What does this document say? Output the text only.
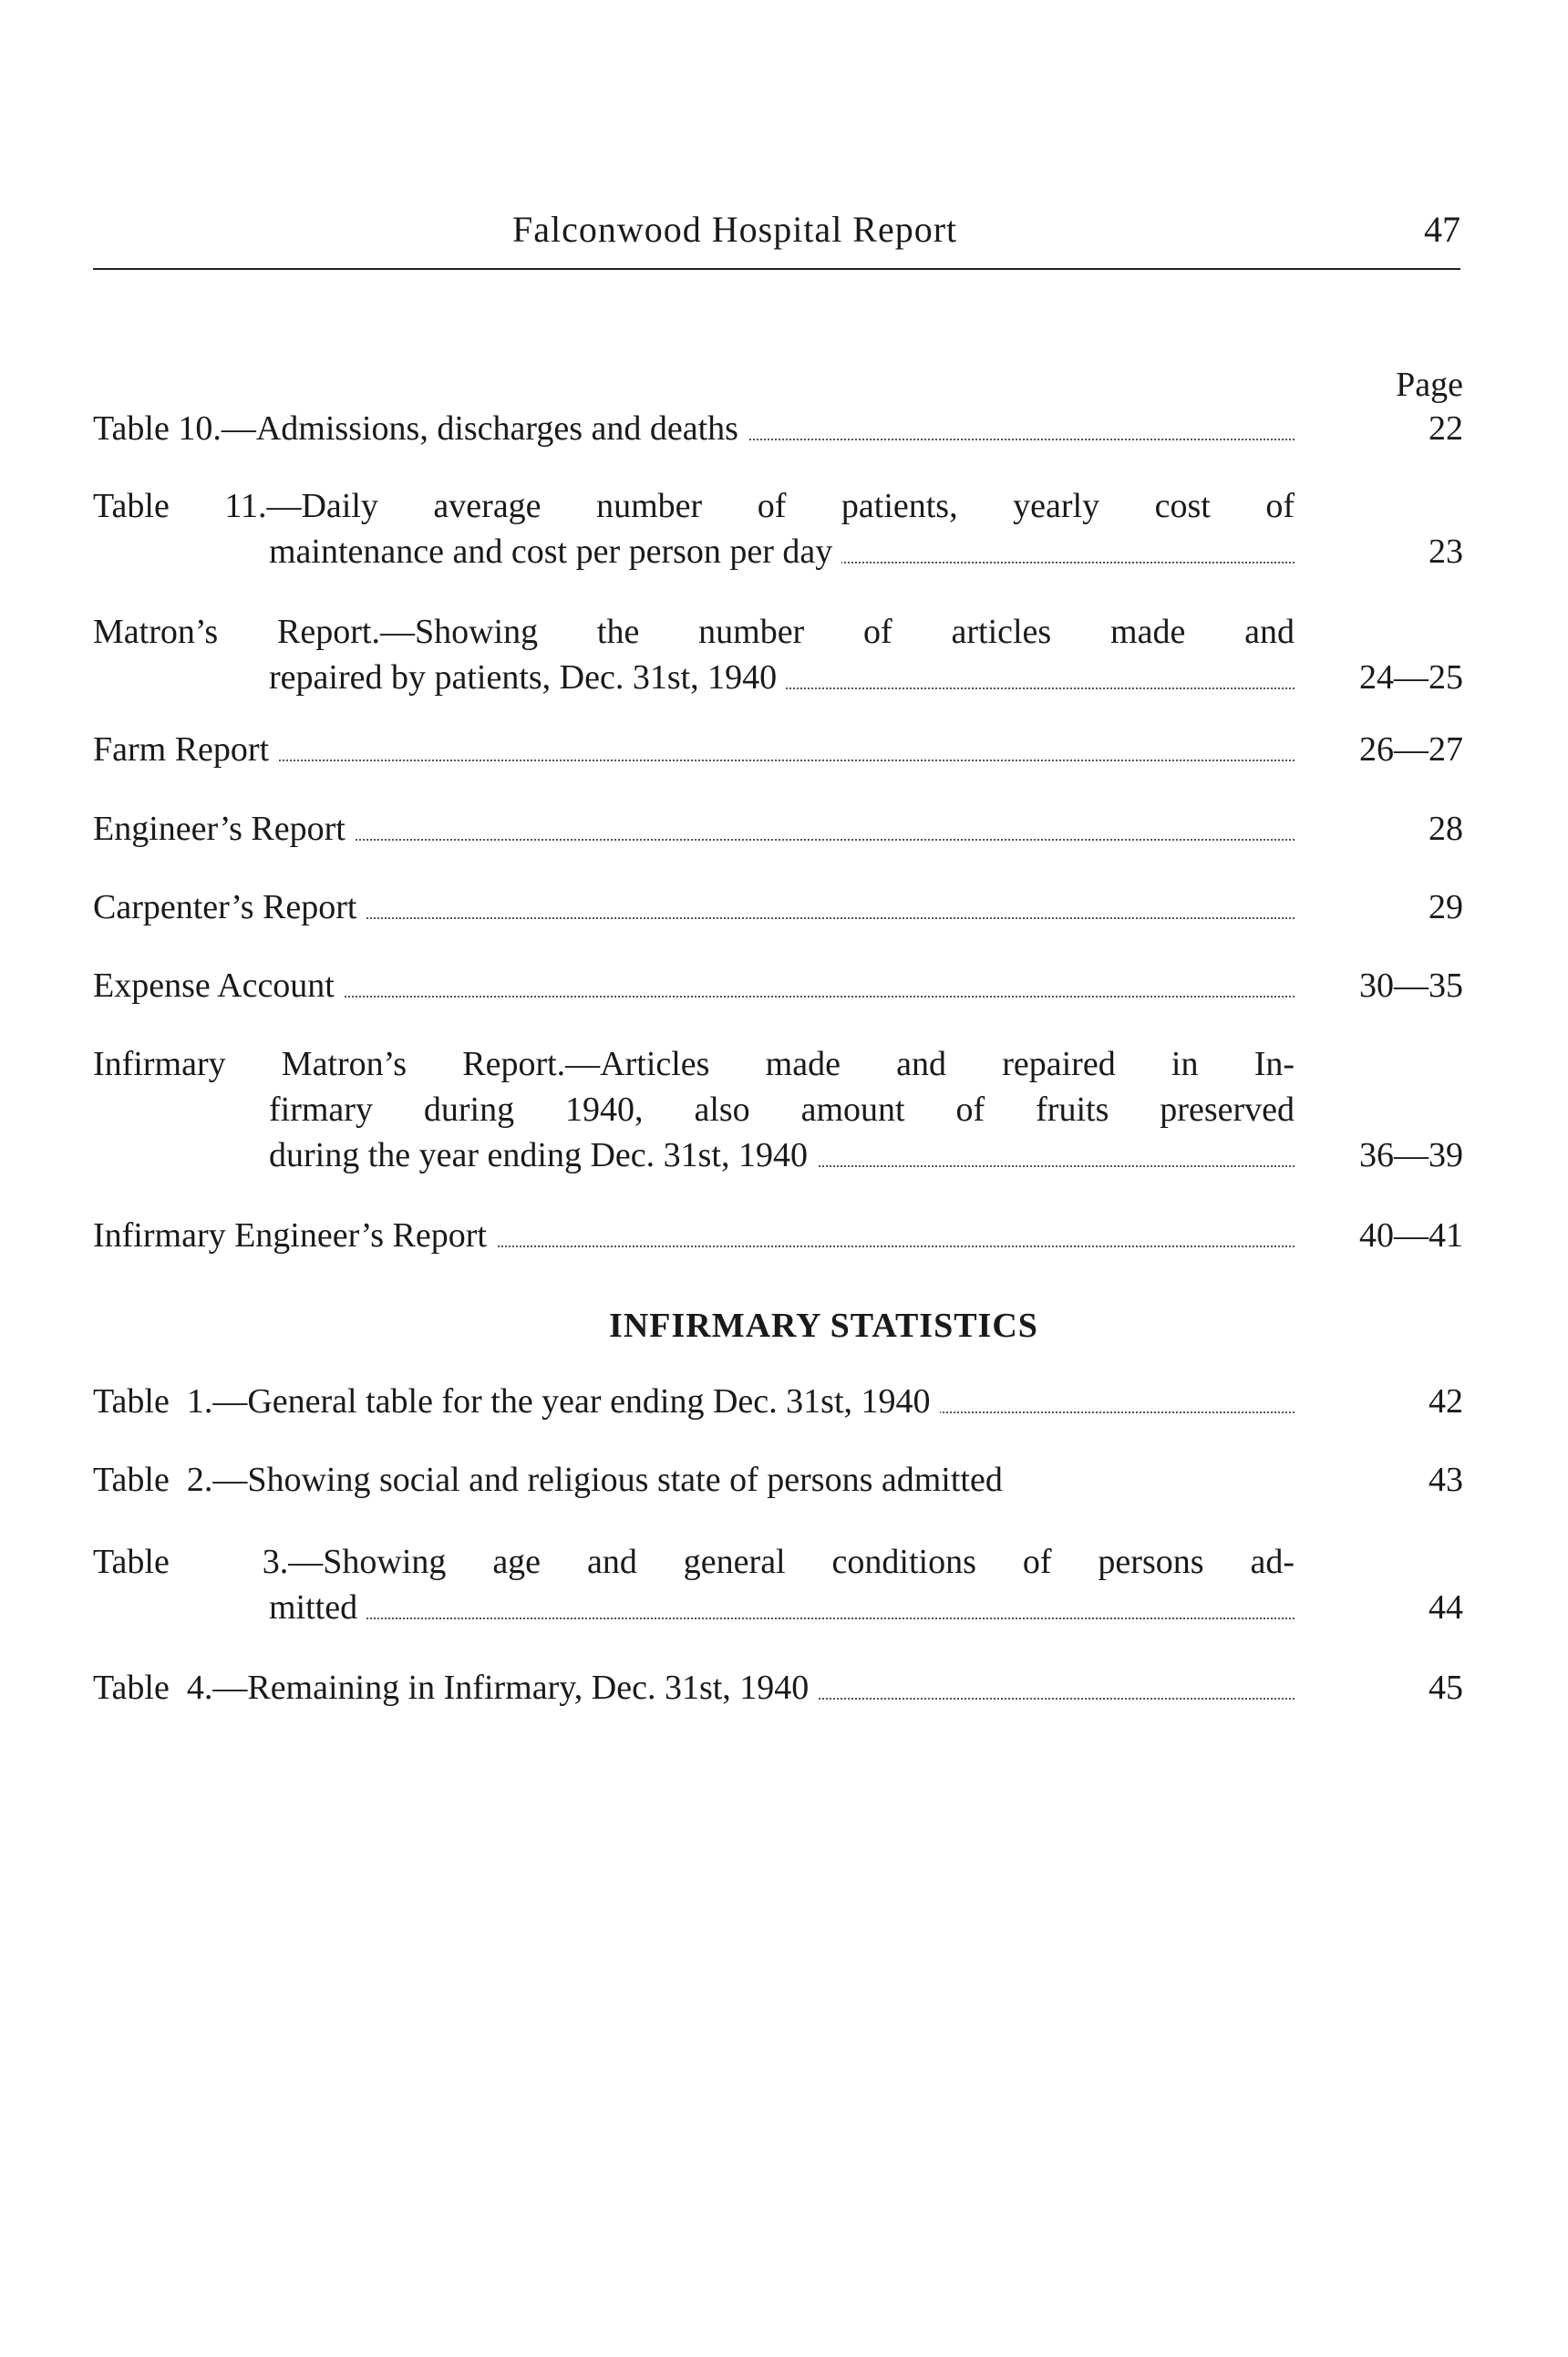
Falconwood Hospital Report	47
Page
Table 10.—Admissions, discharges and deaths	22
Table 11.—Daily average number of patients, yearly cost of
maintenance and cost per person per day	23
Matron’s Report.—Showing the number of articles made and
repaired by patients, Dec. 31st, 1940	24—25
Farm Report	26—27
Engineer’s Report	28
Carpenter’s Report	29
Expense Account	30—35
Infirmary Matron’s Report.—Articles made and repaired in In-
firmary during 1940, also amount of fruits preserved
during the year ending Dec. 31st, 1940	36—39
Infirmary Engineer’s Report	40—41
INFIRMARY STATISTICS
Table  1.—General table for the year ending Dec. 31st, 1940	42
Table  2.—Showing social and religious state of persons admitted	43
Table  3.—Showing age and general conditions of persons ad-
mitted	44
Table  4.—Remaining in Infirmary, Dec. 31st, 1940	45
